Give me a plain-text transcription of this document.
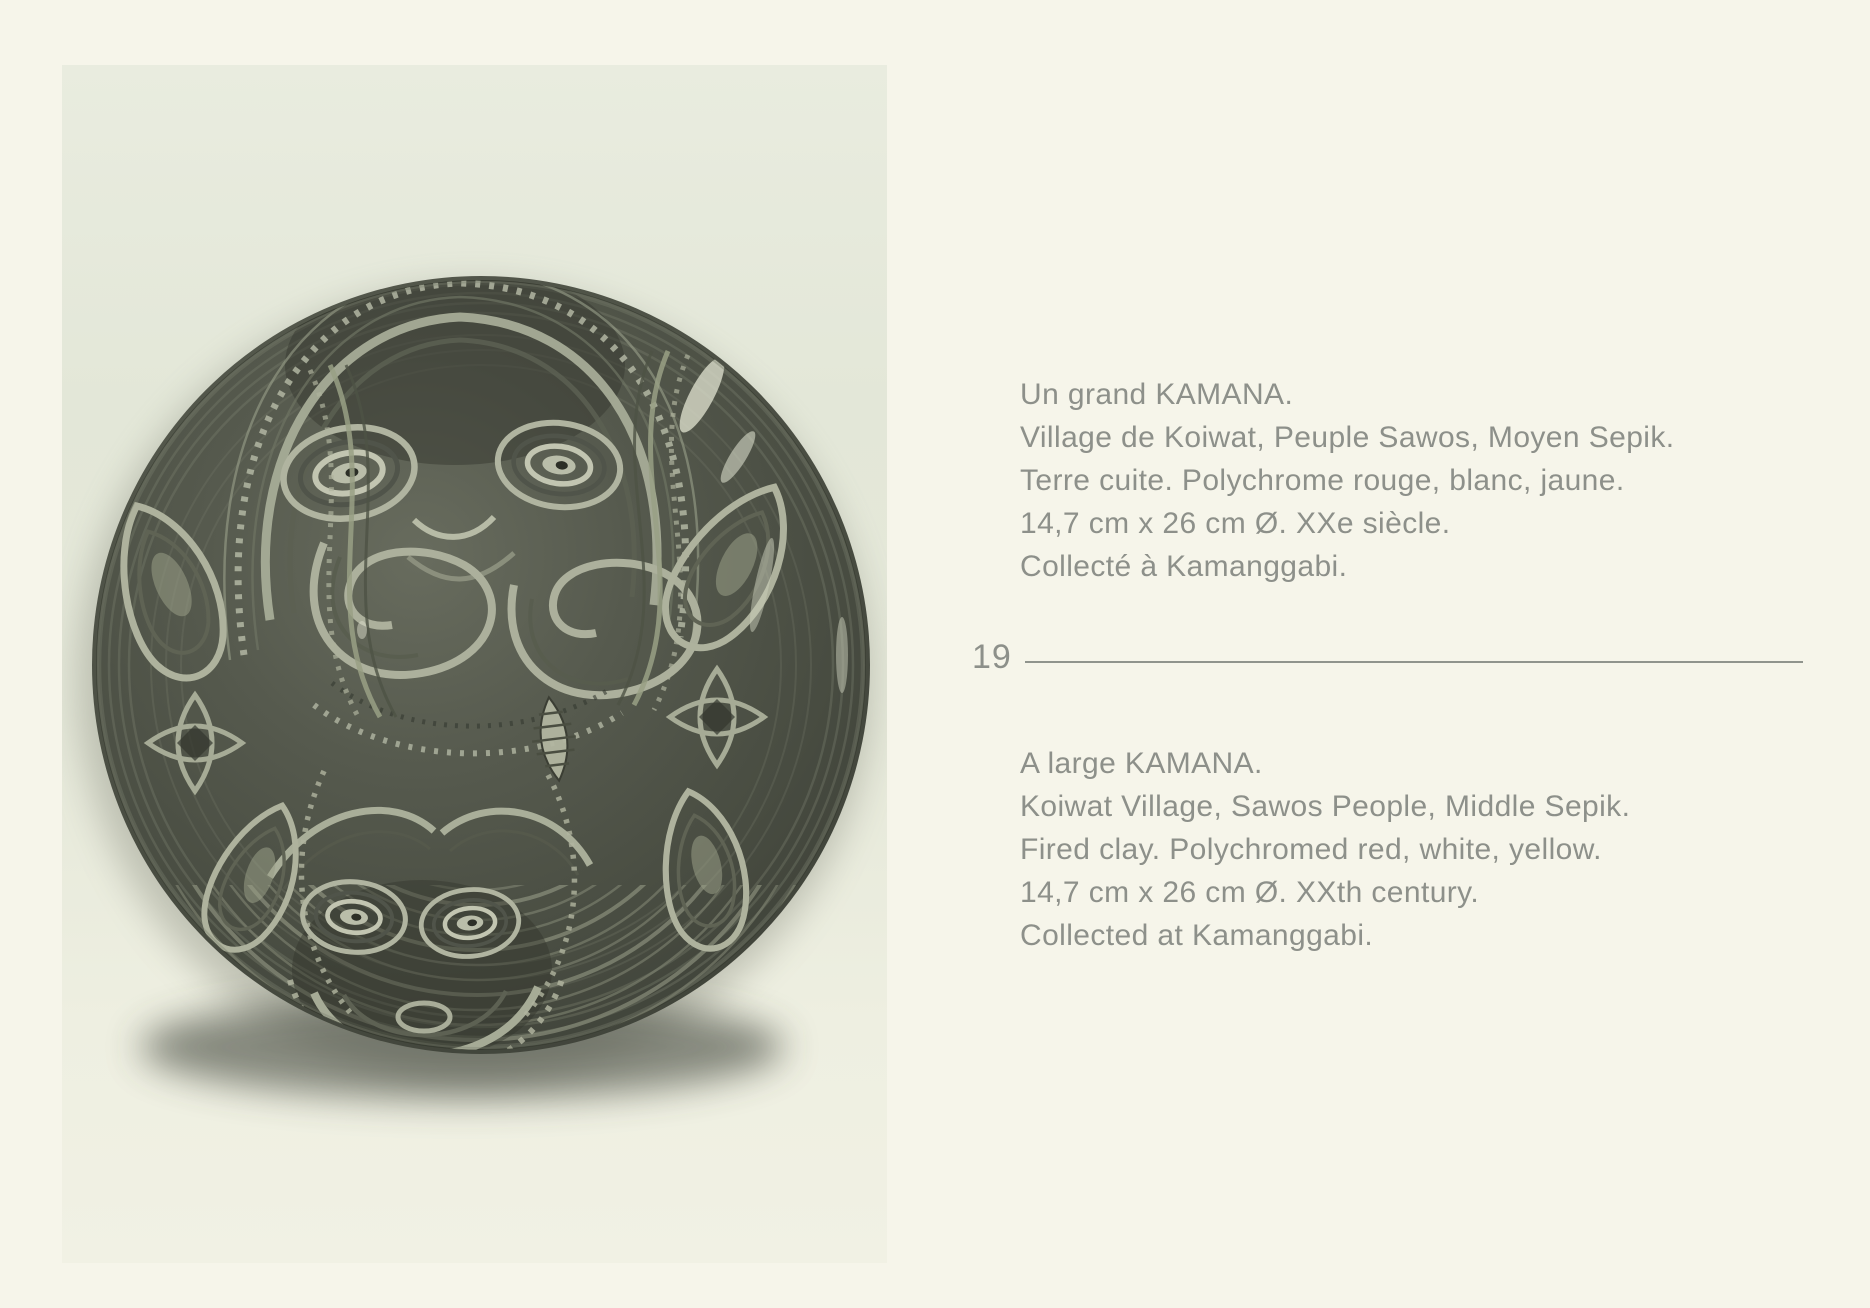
Un grand KAMANA.
Village de Koiwat, Peuple Sawos, Moyen Sepik.
Terre cuite. Polychrome rouge, blanc, jaune.
14,7 cm x 26 cm Ø. XXe siècle.
Collecté à Kamanggabi.
19
A large KAMANA.
Koiwat Village, Sawos People, Middle Sepik.
Fired clay. Polychromed red, white, yellow.
14,7 cm x 26 cm Ø. XXth century.
Collected at Kamanggabi.
